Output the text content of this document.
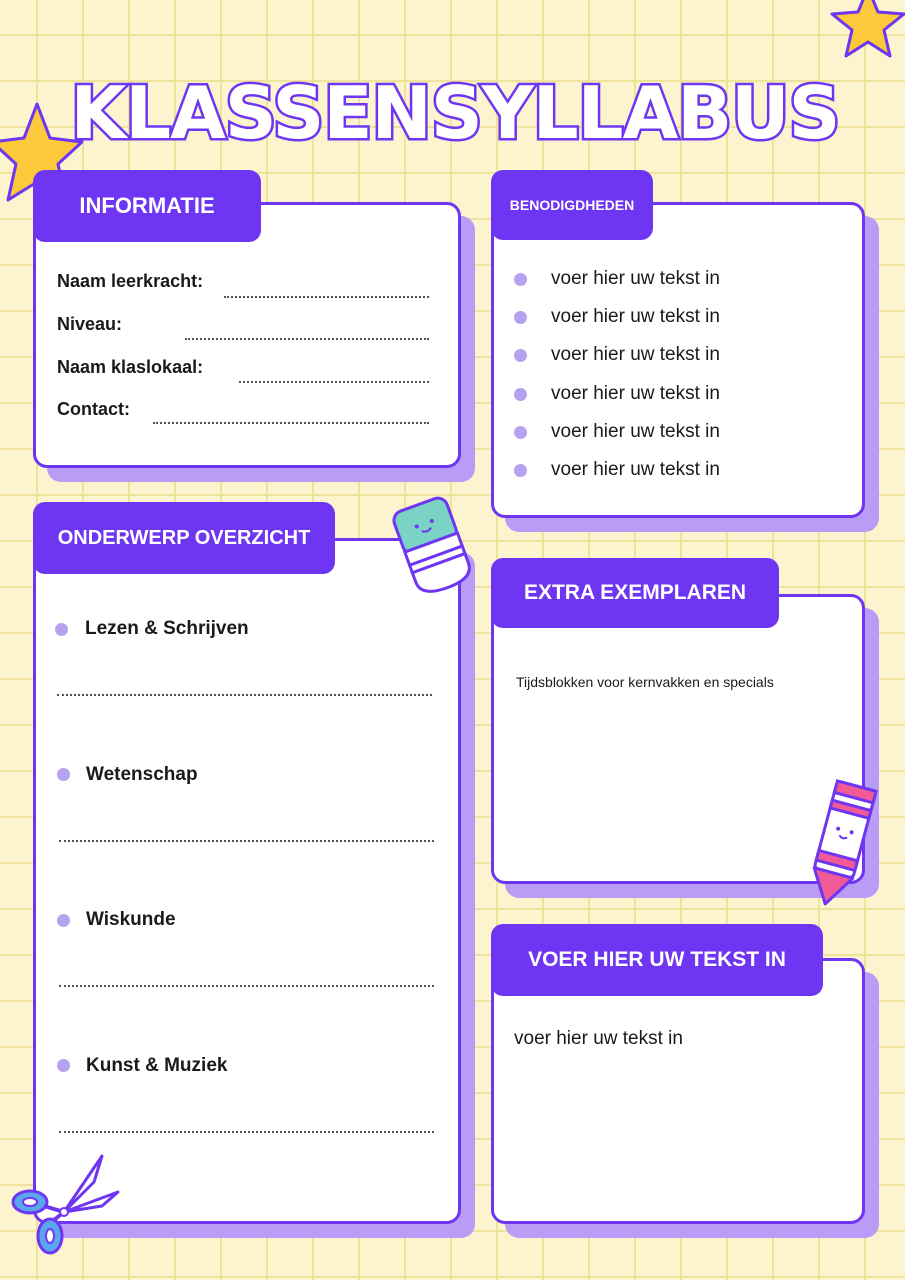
KLASSENSYLLABUS
INFORMATIE
Naam leerkracht:
Niveau:
Naam klaslokaal:
Contact:
BENODIGDHEDEN
voer hier uw tekst in
voer hier uw tekst in
voer hier uw tekst in
voer hier uw tekst in
voer hier uw tekst in
voer hier uw tekst in
ONDERWERP OVERZICHT
Lezen & Schrijven
Wetenschap
Wiskunde
Kunst & Muziek
EXTRA EXEMPLAREN
Tijdsblokken voor kernvakken en specials
VOER HIER UW TEKST IN
voer hier uw tekst in
